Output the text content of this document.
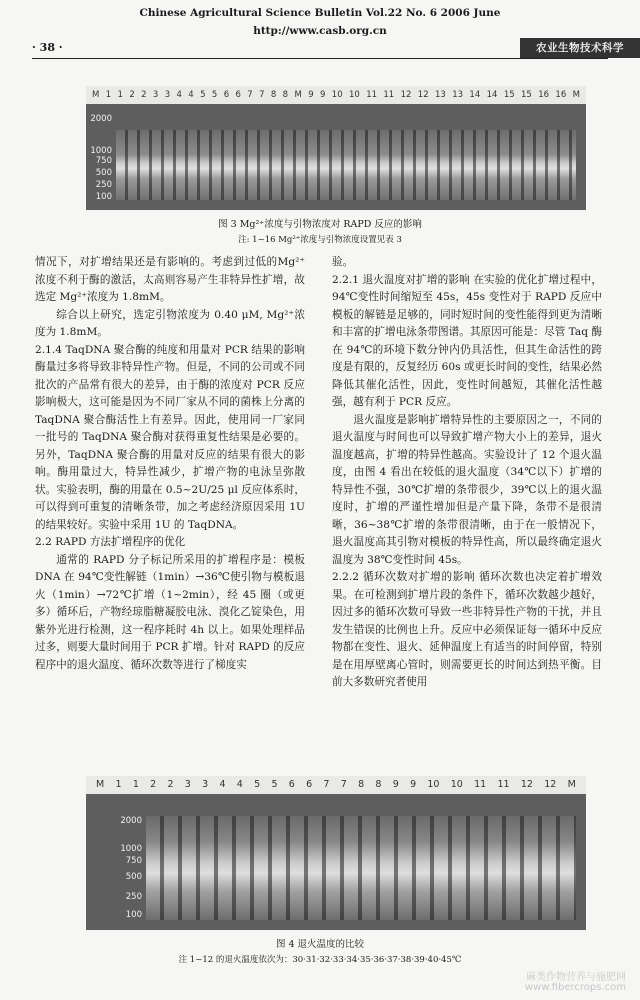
Chinese Agricultural Science Bulletin Vol.22 No. 6 2006 June
http://www.casb.org.cn
· 38 ·	农业生物技术科学
M 1 1 2 2 3 3 4 4 5 5 6 6 7 7 8 8 M 9 9 10 10 11 11 12 12 13 13 14 14 15 15 16 16 M
2000
1000
750
500
250
100
图 3 Mg²⁺浓度与引物浓度对 RAPD 反应的影响
注: 1~16 Mg²⁺浓度与引物浓度设置见表 3

情况下，对扩增结果还是有影响的。考虑到过低的Mg²⁺浓度不利于酶的激活，太高则容易产生非特异性扩增，故选定 Mg²⁺浓度为 1.8mM。

综合以上研究，选定引物浓度为 0.40 μM, Mg²⁺浓度为 1.8mM。

2.1.4 TaqDNA 聚合酶的纯度和用量对 PCR 结果的影响 酶量过多将导致非特异性产物。但是，不同的公司或不同批次的产品常有很大的差异，由于酶的浓度对 PCR 反应影响极大，这可能是因为不同厂家从不同的菌株上分离的 TaqDNA 聚合酶活性上有差异。因此，使用同一厂家同一批号的 TaqDNA 聚合酶对获得重复性结果是必要的。另外，TaqDNA 聚合酶的用量对反应的结果有很大的影响。酶用量过大，特异性减少，扩增产物的电泳呈弥散状。实验表明，酶的用量在 0.5~2U/25 μl 反应体系时，可以得到可重复的清晰条带，加之考虑经济原因采用 1U 的结果较好。实验中采用 1U 的 TaqDNA。

2.2 RAPD 方法扩增程序的优化

通常的 RAPD 分子标记所采用的扩增程序是：模板 DNA 在 94℃变性解链（1min）→36℃使引物与模板退火（1min）→72℃扩增（1~2min），经 45 圈（或更多）循环后，产物经琼脂糖凝胶电泳、溴化乙锭染色，用紫外光进行检测，这一程序耗时 4h 以上。如果处理样品过多，则要大量时间用于 PCR 扩增。针对 RAPD 的反应程序中的退火温度、循环次数等进行了梯度实

验。

2.2.1 退火温度对扩增的影响 在实验的优化扩增过程中，94℃变性时间缩短至 45s，45s 变性对于 RAPD 反应中模板的解链是足够的，同时短时间的变性能得到更为清晰和丰富的扩增电泳条带图谱。其原因可能是：尽管 Taq 酶在 94℃的环境下数分钟内仍具活性，但其生命活性的跨度是有限的，反复经历 60s 或更长时间的变性，结果必然降低其催化活性，因此，变性时间越短，其催化活性越强，越有利于 PCR 反应。

退火温度是影响扩增特异性的主要原因之一，不同的退火温度与时间也可以导致扩增产物大小上的差异，退火温度越高，扩增的特异性越高。实验设计了 12 个退火温度，由图 4 看出在较低的退火温度（34℃以下）扩增的特异性不强，30℃扩增的条带很少，39℃以上的退火温度时，扩增的严谨性增加但是产量下降，条带不是很清晰，36~38℃扩增的条带很清晰，由于在一般情况下，退火温度高其引物对模板的特异性高，所以最终确定退火温度为 38℃变性时间 45s。

2.2.2 循环次数对扩增的影响 循环次数也决定着扩增效果。在可检测到扩增片段的条件下，循环次数越少越好，因过多的循环次数可导致一些非特异性产物的干扰，并且发生错误的比例也上升。反应中必须保证每一循环中反应物都在变性、退火、延伸温度上有适当的时间停留，特别是在用厚壁离心管时，则需要更长的时间达到热平衡。目前大多数研究者使用

M 1 1 2 2 3 3 4 4 5 5 6 6 7 7 8 8 9 9 10 10 11 11 12 12 M
2000
1000
750
500
250
100
图 4 退火温度的比较
注 1~12 的退火温度依次为：30·31·32·33·34·35·36·37·38·39·40·45℃
麻类作物营养与施肥网
www.fibercrops.com
